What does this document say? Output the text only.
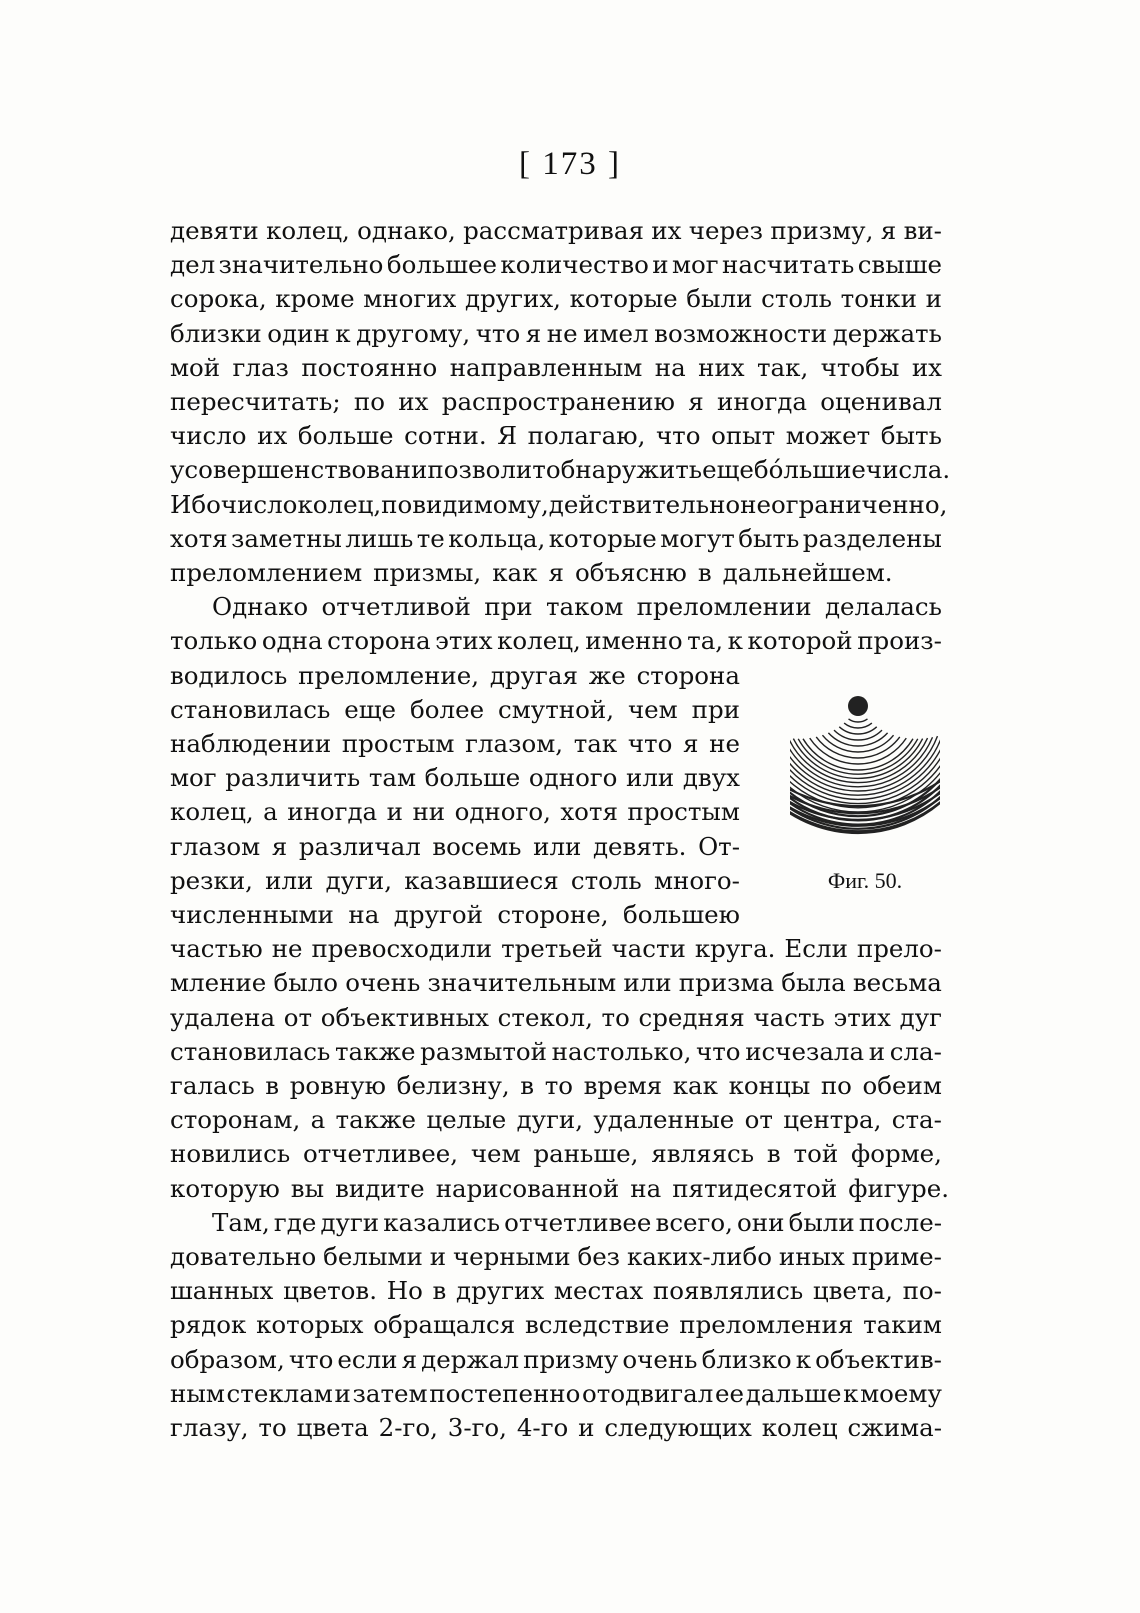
[ 173 ]
девяти колец, однако, рассматривая их через призму, я ви-
дел значительно большее количество и мог насчитать свыше
сорока, кроме многих других, которые были столь тонки и
близки один к другому, что я не имел возможности держать
мой глаз постоянно направленным на них так, чтобы их
пересчитать; по их распространению я иногда оценивал
число их больше сотни. Я полагаю, что опыт может быть
усовершенствован и позволит обнаружить еще бо́льшие числа.
Ибо число колец, повидимому, действительно неограниченно,
хотя заметны лишь те кольца, которые могут быть разделены
преломлением призмы, как я объясню в дальнейшем.
Однако отчетливой при таком преломлении делалась
только одна сторона этих колец, именно та, к которой произ-
водилось преломление, другая же сторона
становилась еще более смутной, чем при
наблюдении простым глазом, так что я не
мог различить там больше одного или двух
колец, а иногда и ни одного, хотя простым
глазом я различал восемь или девять. От-
резки, или дуги, казавшиеся столь много-
численными на другой стороне, большею
частью не превосходили третьей части круга. Если прело-
мление было очень значительным или призма была весьма
удалена от объективных стекол, то средняя часть этих дуг
становилась также размытой настолько, что исчезала и сла-
галась в ровную белизну, в то время как концы по обеим
сторонам, а также целые дуги, удаленные от центра, ста-
новились отчетливее, чем раньше, являясь в той форме,
которую вы видите нарисованной на пятидесятой фигуре.
Там, где дуги казались отчетливее всего, они были после-
довательно белыми и черными без каких-либо иных приме-
шанных цветов. Но в других местах появлялись цвета, по-
рядок которых обращался вследствие преломления таким
образом, что если я держал призму очень близко к объектив-
ным стеклам и затем постепенно отодвигал ее дальше к моему
глазу, то цвета 2-го, 3-го, 4-го и следующих колец сжима-
Фиг. 50.
